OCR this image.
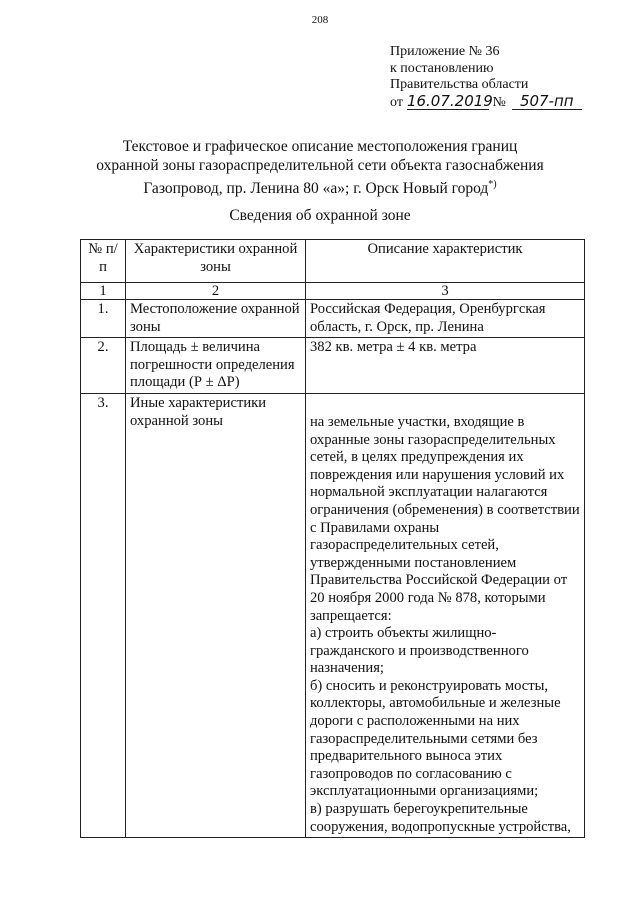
208
Приложение № 36
к постановлению
Правительства области
от 16.07.2019 № 507-пп
Текстовое и графическое описание местоположения границ
охранной зоны газораспределительной сети объекта газоснабжения
Газопровод, пр. Ленина 80 «а»; г. Орск Новый город*)
Сведения об охранной зоне
№ п/п	Характеристики охранной зоны	Описание характеристик
1	2	3
1.	Местоположение охранной зоны	Российская Федерация, Оренбургская область, г. Орск, пр. Ленина
2.	Площадь ± величина погрешности определения площади (Р ± ΔР)	382 кв. метра ± 4 кв. метра
3.	Иные характеристики охранной зоны	на земельные участки, входящие в охранные зоны газораспределительных сетей, в целях предупреждения их повреждения или нарушения условий их нормальной эксплуатации налагаются ограничения (обременения) в соответствии с Правилами охраны газораспределительных сетей, утвержденными постановлением Правительства Российской Федерации от 20 ноября 2000 года № 878, которыми запрещается:
а) строить объекты жилищно-гражданского и производственного назначения;
б) сносить и реконструировать мосты, коллекторы, автомобильные и железные дороги с расположенными на них газораспределительными сетями без предварительного выноса этих газопроводов по согласованию с эксплуатационными организациями;
в) разрушать берегоукрепительные сооружения, водопропускные устройства,
